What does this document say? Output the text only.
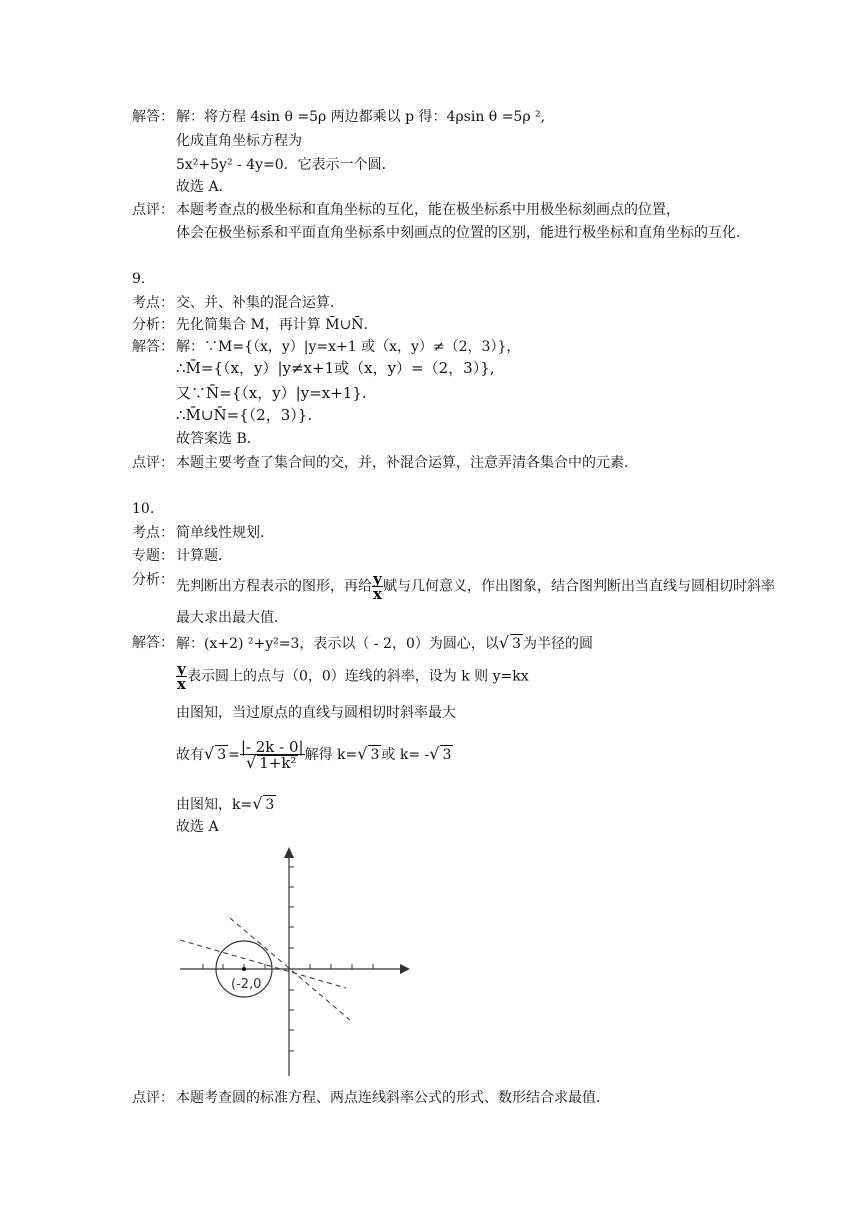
解答： 解：将方程 4sin θ =5ρ 两边都乘以 p 得：4ρsin θ =5ρ ²,
化成直角坐标方程为
5x²+5y² - 4y=0．它表示一个圆．
故选 A．
点评： 本题考查点的极坐标和直角坐标的互化，能在极坐标系中用极坐标刻画点的位置，
体会在极坐标系和平面直角坐标系中刻画点的位置的区别，能进行极坐标和直角坐标的互化．
9.
考点： 交、并、补集的混合运算．
分析： 先化简集合 M，再计算 M̄∪N̄.
解答： 解：∵M={（x，y）|y=x+1 或（x，y）≠（2，3）}，
∴M̄={（x，y）|y≠x+1或（x，y）=（2，3）},
又∵N̄={（x，y）|y=x+1}.
∴M̄∪N̄={（2，3）}.
故答案选 B．
点评： 本题主要考查了集合间的交，并，补混合运算，注意弄清各集合中的元素．
10.
考点： 简单线性规划．
专题： 计算题．
分析： 先判断出方程表示的图形，再给 $\frac{y}{x}$ 赋与几何意义，作出图象，结合图判断出当直线与圆相切时斜率
最大求出最大值．
解答： 解：(x+2) ²+y²=3，表示以（ - 2，0）为圆心，以√ 3 为半径的圆
$\frac{y}{x}$ 表示圆上的点与（0，0）连线的斜率，设为 k 则 y=kx
由图知，当过原点的直线与圆相切时斜率最大
故有√ $3 = \frac{|- 2k - 0|}{\text{√ 1+k²}}$ 解得 k=√ 3 或 k= -√ 3
由图知，k=√ 3
故选 A
(-2,0
点评： 本题考查圆的标准方程、两点连线斜率公式的形式、数形结合求最值．
